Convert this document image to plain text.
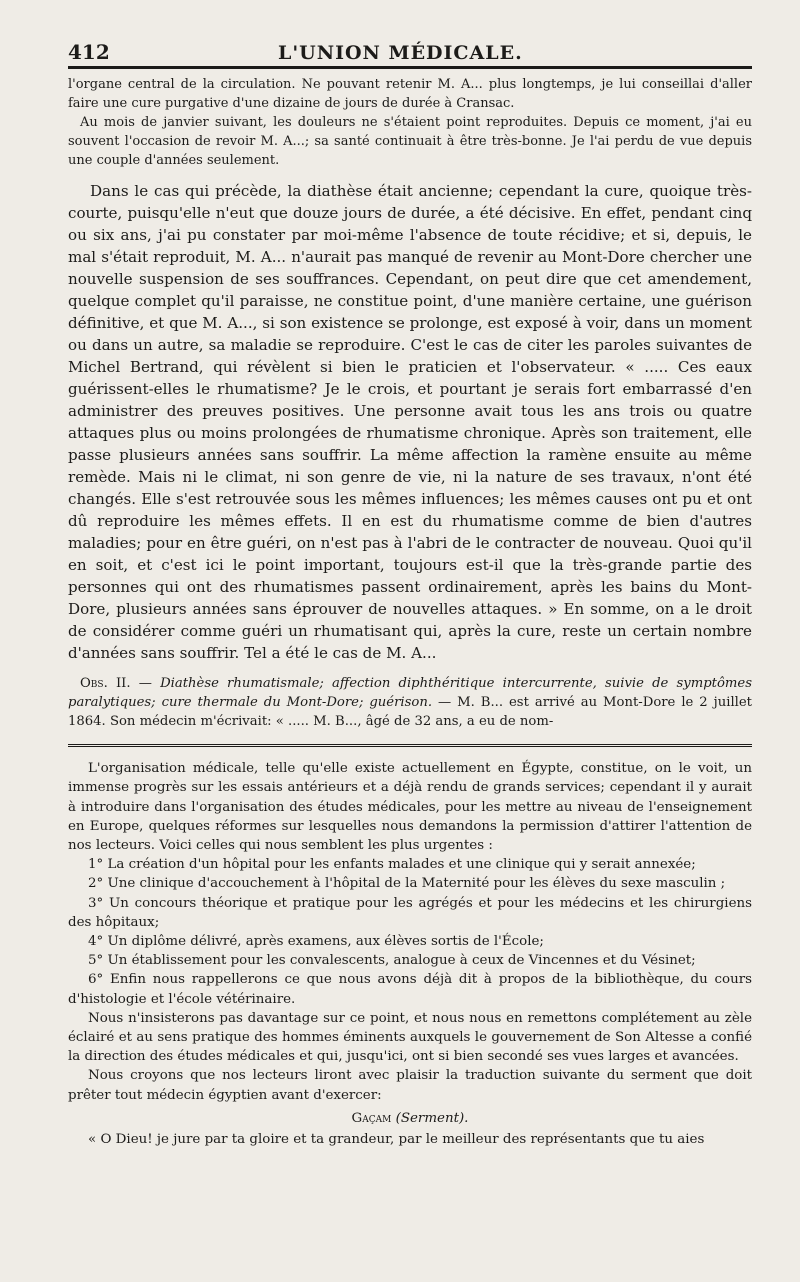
412	L'UNION MÉDICALE.

l'organe central de la circulation. Ne pouvant retenir M. A... plus longtemps, je lui conseillai d'aller faire une cure purgative d'une dizaine de jours de durée à Cransac.

Au mois de janvier suivant, les douleurs ne s'étaient point reproduites. Depuis ce moment, j'ai eu souvent l'occasion de revoir M. A...; sa santé continuait à être très-bonne. Je l'ai perdu de vue depuis une couple d'années seulement.

Dans le cas qui précède, la diathèse était ancienne; cependant la cure, quoique très-courte, puisqu'elle n'eut que douze jours de durée, a été décisive. En effet, pendant cinq ou six ans, j'ai pu constater par moi-même l'absence de toute récidive; et si, depuis, le mal s'était reproduit, M. A... n'aurait pas manqué de revenir au Mont-Dore chercher une nouvelle suspension de ses souffrances. Cependant, on peut dire que cet amendement, quelque complet qu'il paraisse, ne constitue point, d'une manière certaine, une guérison définitive, et que M. A..., si son existence se prolonge, est exposé à voir, dans un moment ou dans un autre, sa maladie se reproduire. C'est le cas de citer les paroles suivantes de Michel Bertrand, qui révèlent si bien le praticien et l'observateur. « ..... Ces eaux guérissent-elles le rhumatisme? Je le crois, et pourtant je serais fort embarrassé d'en administrer des preuves positives. Une personne avait tous les ans trois ou quatre attaques plus ou moins prolongées de rhumatisme chronique. Après son traitement, elle passe plusieurs années sans souffrir. La même affection la ramène ensuite au même remède. Mais ni le climat, ni son genre de vie, ni la nature de ses travaux, n'ont été changés. Elle s'est retrouvée sous les mêmes influences; les mêmes causes ont pu et ont dû reproduire les mêmes effets. Il en est du rhumatisme comme de bien d'autres maladies; pour en être guéri, on n'est pas à l'abri de le contracter de nouveau. Quoi qu'il en soit, et c'est ici le point important, toujours est-il que la très-grande partie des personnes qui ont des rhumatismes passent ordinairement, après les bains du Mont-Dore, plusieurs années sans éprouver de nouvelles attaques. » En somme, on a le droit de considérer comme guéri un rhumatisant qui, après la cure, reste un certain nombre d'années sans souffrir. Tel a été le cas de M. A...

Obs. II. — Diathèse rhumatismale; affection diphthéritique intercurrente, suivie de symptômes paralytiques; cure thermale du Mont-Dore; guérison. — M. B... est arrivé au Mont-Dore le 2 juillet 1864. Son médecin m'écrivait: « ..... M. B..., âgé de 32 ans, a eu de nom-

L'organisation médicale, telle qu'elle existe actuellement en Égypte, constitue, on le voit, un immense progrès sur les essais antérieurs et a déjà rendu de grands services; cependant il y aurait à introduire dans l'organisation des études médicales, pour les mettre au niveau de l'enseignement en Europe, quelques réformes sur lesquelles nous demandons la permission d'attirer l'attention de nos lecteurs. Voici celles qui nous semblent les plus urgentes :

1° La création d'un hôpital pour les enfants malades et une clinique qui y serait annexée;

2° Une clinique d'accouchement à l'hôpital de la Maternité pour les élèves du sexe masculin ;

3° Un concours théorique et pratique pour les agrégés et pour les médecins et les chirurgiens des hôpitaux;

4° Un diplôme délivré, après examens, aux élèves sortis de l'École;

5° Un établissement pour les convalescents, analogue à ceux de Vincennes et du Vésinet;

6° Enfin nous rappellerons ce que nous avons déjà dit à propos de la bibliothèque, du cours d'histologie et l'école vétérinaire.

Nous n'insisterons pas davantage sur ce point, et nous nous en remettons complétement au zèle éclairé et au sens pratique des hommes éminents auxquels le gouvernement de Son Altesse a confié la direction des études médicales et qui, jusqu'ici, ont si bien secondé ses vues larges et avancées.

Nous croyons que nos lecteurs liront avec plaisir la traduction suivante du serment que doit prêter tout médecin égyptien avant d'exercer:

Gaçam (Serment).

« O Dieu! je jure par ta gloire et ta grandeur, par le meilleur des représentants que tu aies
